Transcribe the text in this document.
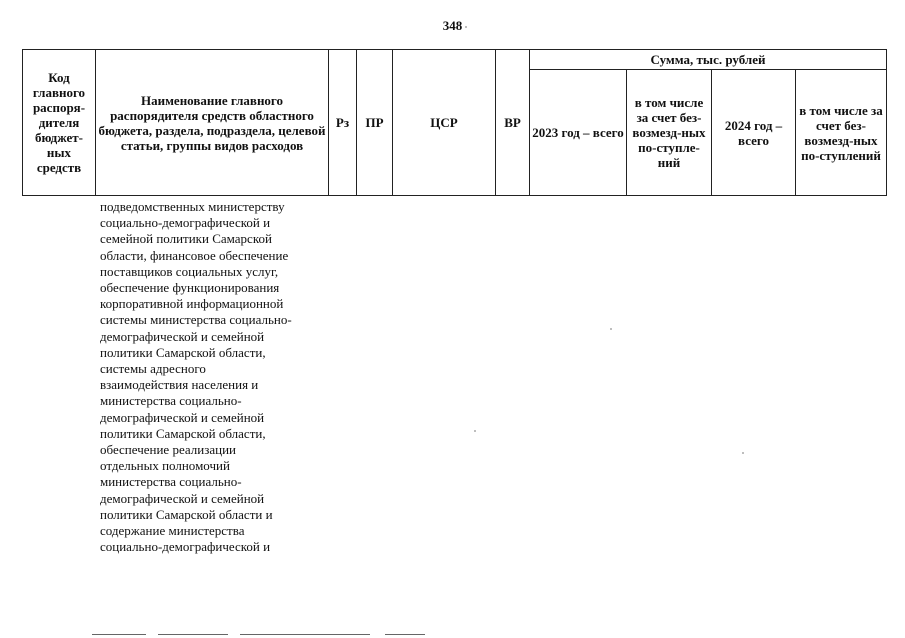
348
Код главного распоря-дителя бюджет-ных средств	Наименование главного распорядителя средств областного бюджета, раздела, подраздела, целевой статьи, группы видов расходов	Рз	ПР	ЦСР	ВР	Сумма, тыс. рублей			
						2023 год – всего	в том числе за счет без-возмезд-ных по-ступле-ний	2024 год – всего	в том числе за счет без-возмезд-ных по-ступлений
подведомственных министерству
социально-демографической и
семейной политики Самарской
области, финансовое обеспечение
поставщиков социальных услуг,
обеспечение функционирования
корпоративной информационной
системы министерства социально-
демографической и семейной
политики Самарской области,
системы адресного
взаимодействия населения и
министерства социально-
демографической и семейной
политики Самарской области,
обеспечение реализации
отдельных полномочий
министерства социально-
демографической и семейной
политики Самарской области и
содержание министерства
социально-демографической и
